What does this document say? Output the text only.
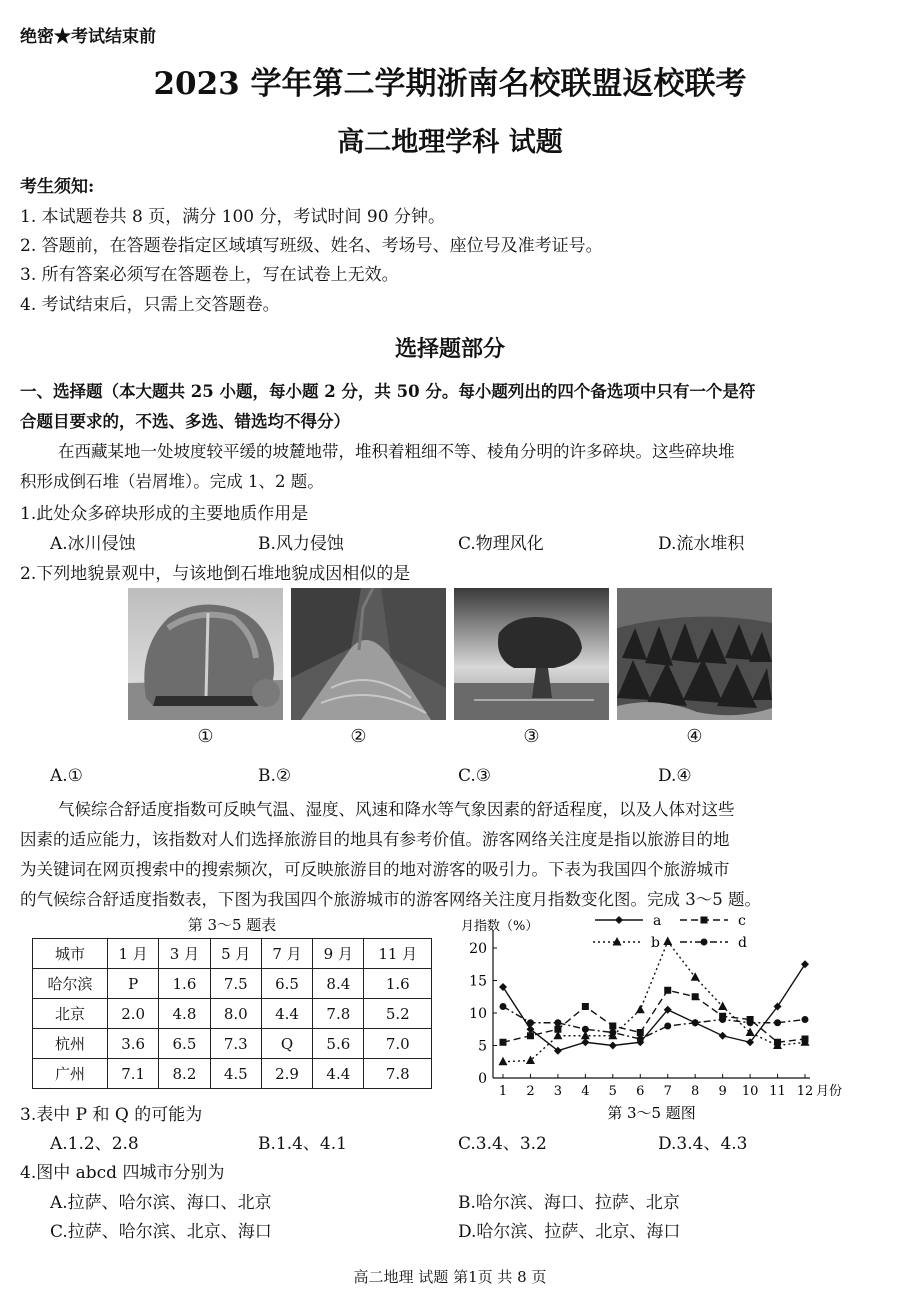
绝密★考试结束前
2023 学年第二学期浙南名校联盟返校联考
高二地理学科 试题
考生须知:
1. 本试题卷共 8 页，满分 100 分，考试时间 90 分钟。
2. 答题前，在答题卷指定区域填写班级、姓名、考场号、座位号及准考证号。
3. 所有答案必须写在答题卷上，写在试卷上无效。
4. 考试结束后，只需上交答题卷。
选择题部分
一、选择题（本大题共 25 小题，每小题 2 分，共 50 分。每小题列出的四个备选项中只有一个是符
合题目要求的，不选、多选、错选均不得分）
在西藏某地一处坡度较平缓的坡麓地带，堆积着粗细不等、棱角分明的许多碎块。这些碎块堆
积形成倒石堆（岩屑堆）。完成 1、2 题。
1.此处众多碎块形成的主要地质作用是
A.冰川侵蚀	B.风力侵蚀	C.物理风化	D.流水堆积
2.下列地貌景观中，与该地倒石堆地貌成因相似的是
①	②	③	④
A.①	B.②	C.③	D.④
气候综合舒适度指数可反映气温、湿度、风速和降水等气象因素的舒适程度，以及人体对这些
因素的适应能力，该指数对人们选择旅游目的地具有参考价值。游客网络关注度是指以旅游目的地
为关键词在网页搜索中的搜索频次，可反映旅游目的地对游客的吸引力。下表为我国四个旅游城市
的气候综合舒适度指数表，下图为我国四个旅游城市的游客网络关注度月指数变化图。完成 3～5 题。
第 3～5 题表
城市	1 月	3 月	5 月	7 月	9 月	11 月
哈尔滨	P	1.6	7.5	6.5	8.4	1.6
北京	2.0	4.8	8.0	4.4	7.8	5.2
杭州	3.6	6.5	7.3	Q	5.6	7.0
广州	7.1	8.2	4.5	2.9	4.4	7.8	0
5
10
15
20
1 2 3 4 5 6 7 8 9 10 11 12 月份
月指数（%）
第 3～5 题图
a
b
c
d
3.表中 P 和 Q 的可能为
A.1.2、2.8	B.1.4、4.1	C.3.4、3.2	D.3.4、4.3
4.图中 abcd 四城市分别为
A.拉萨、哈尔滨、海口、北京	B.哈尔滨、海口、拉萨、北京
C.拉萨、哈尔滨、北京、海口	D.哈尔滨、拉萨、北京、海口
高二地理 试题 第1页 共 8 页
